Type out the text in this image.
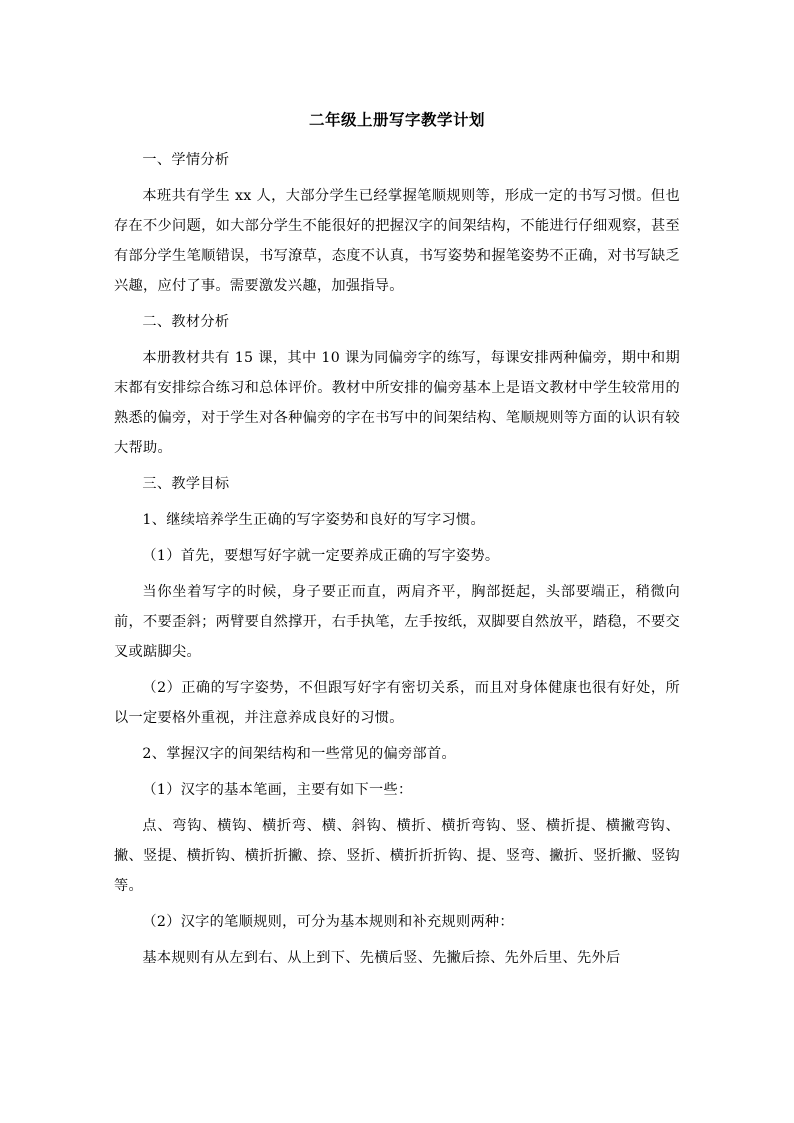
二年级上册写字教学计划

一、学情分析

本班共有学生 xx 人，大部分学生已经掌握笔顺规则等，形成一定的书写习惯。但也存在不少问题，如大部分学生不能很好的把握汉字的间架结构，不能进行仔细观察，甚至有部分学生笔顺错误，书写潦草，态度不认真，书写姿势和握笔姿势不正确，对书写缺乏兴趣，应付了事。需要激发兴趣，加强指导。

二、教材分析

本册教材共有 15 课，其中 10 课为同偏旁字的练写，每课安排两种偏旁，期中和期末都有安排综合练习和总体评价。教材中所安排的偏旁基本上是语文教材中学生较常用的熟悉的偏旁，对于学生对各种偏旁的字在书写中的间架结构、笔顺规则等方面的认识有较大帮助。

三、教学目标

1、继续培养学生正确的写字姿势和良好的写字习惯。

（1）首先，要想写好字就一定要养成正确的写字姿势。

当你坐着写字的时候，身子要正而直，两肩齐平，胸部挺起，头部要端正，稍微向前，不要歪斜；两臂要自然撑开，右手执笔，左手按纸，双脚要自然放平，踏稳，不要交叉或踮脚尖。

（2）正确的写字姿势，不但跟写好字有密切关系，而且对身体健康也很有好处，所以一定要格外重视，并注意养成良好的习惯。

2、掌握汉字的间架结构和一些常见的偏旁部首。

（1）汉字的基本笔画，主要有如下一些：

点、弯钩、横钩、横折弯、横、斜钩、横折、横折弯钩、竖、横折提、横撇弯钩、撇、竖提、横折钩、横折折撇、捺、竖折、横折折折钩、提、竖弯、撇折、竖折撇、竖钩等。

（2）汉字的笔顺规则，可分为基本规则和补充规则两种：

基本规则有从左到右、从上到下、先横后竖、先撇后捺、先外后里、先外后
